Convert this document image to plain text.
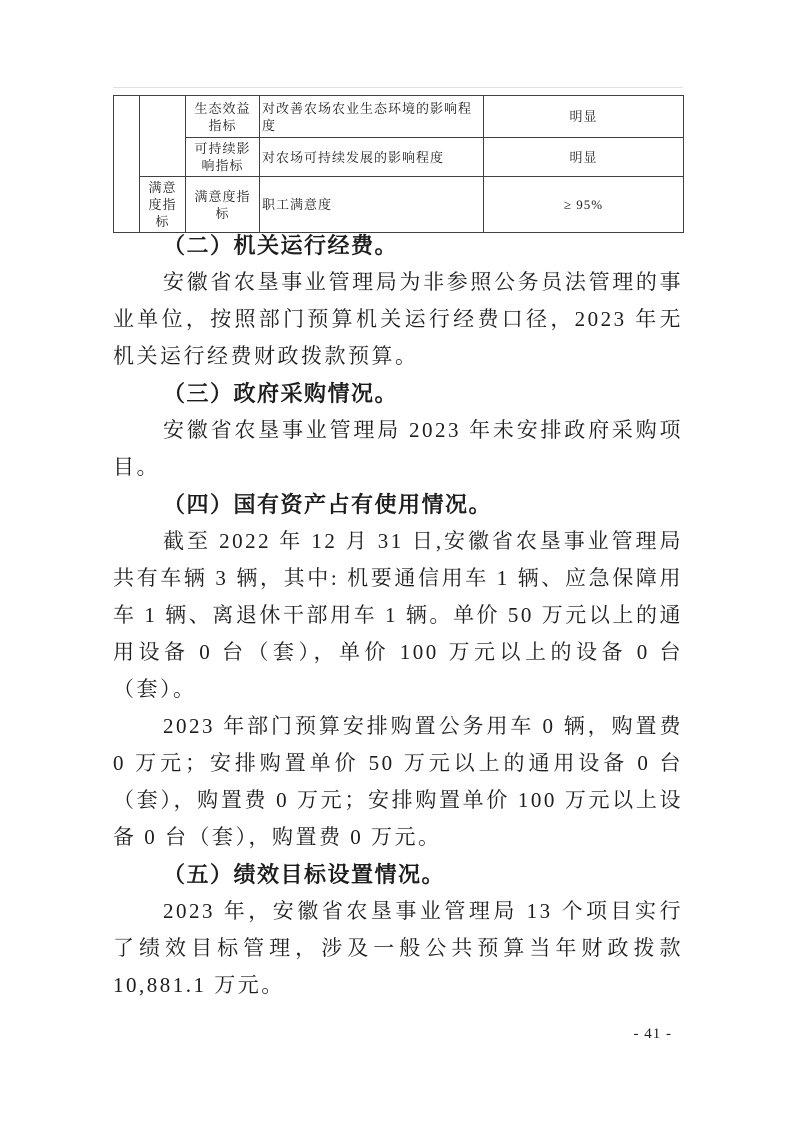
		生态效益指标	对改善农场农业生态环境的影响程度	明显
		可持续影响指标	对农场可持续发展的影响程度	明显
	满意度指标	满意度指标	职工满意度	≥ 95%

（二）机关运行经费。

安徽省农垦事业管理局为非参照公务员法管理的事业单位，按照部门预算机关运行经费口径，2023 年无机关运行经费财政拨款预算。

（三）政府采购情况。

安徽省农垦事业管理局 2023 年未安排政府采购项目。

（四）国有资产占有使用情况。

截至 2022 年 12 月 31 日,安徽省农垦事业管理局共有车辆 3 辆，其中: 机要通信用车 1 辆、应急保障用车 1 辆、离退休干部用车 1 辆。单价 50 万元以上的通用设备 0 台（套），单价 100 万元以上的设备 0 台（套）。

2023 年部门预算安排购置公务用车 0 辆，购置费 0 万元；安排购置单价 50 万元以上的通用设备 0 台（套），购置费 0 万元；安排购置单价 100 万元以上设备 0 台（套），购置费 0 万元。

（五）绩效目标设置情况。

2023 年，安徽省农垦事业管理局 13 个项目实行了绩效目标管理，涉及一般公共预算当年财政拨款 10,881.1 万元。

- 41 -
